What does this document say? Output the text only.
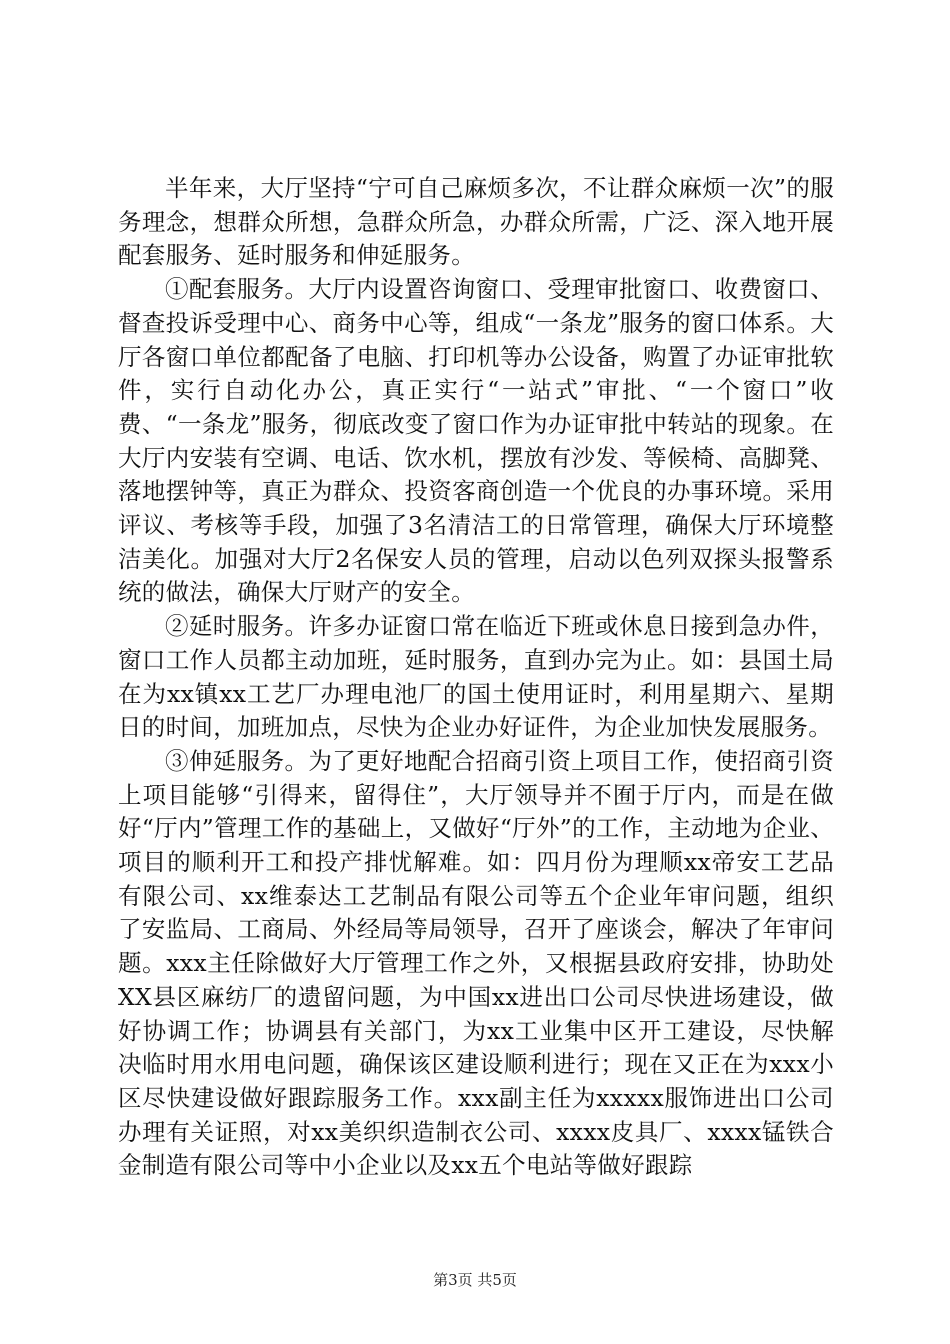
半年来，大厅坚持“宁可自己麻烦多次，不让群众麻烦一次”的服务理念，想群众所想，急群众所急，办群众所需，广泛、深入地开展配套服务、延时服务和伸延服务。

①配套服务。大厅内设置咨询窗口、受理审批窗口、收费窗口、督查投诉受理中心、商务中心等，组成“一条龙”服务的窗口体系。大厅各窗口单位都配备了电脑、打印机等办公设备，购置了办证审批软件，实行自动化办公，真正实行“一站式”审批、“一个窗口”收费、“一条龙”服务，彻底改变了窗口作为办证审批中转站的现象。在大厅内安装有空调、电话、饮水机，摆放有沙发、等候椅、高脚凳、落地摆钟等，真正为群众、投资客商创造一个优良的办事环境。采用评议、考核等手段，加强了3名清洁工的日常管理，确保大厅环境整洁美化。加强对大厅2名保安人员的管理，启动以色列双探头报警系统的做法，确保大厅财产的安全。

②延时服务。许多办证窗口常在临近下班或休息日接到急办件，窗口工作人员都主动加班，延时服务，直到办完为止。如：县国土局在为xx镇xx工艺厂办理电池厂的国土使用证时，利用星期六、星期日的时间，加班加点，尽快为企业办好证件，为企业加快发展服务。

③伸延服务。为了更好地配合招商引资上项目工作，使招商引资上项目能够“引得来，留得住”，大厅领导并不囿于厅内，而是在做好“厅内”管理工作的基础上，又做好“厅外”的工作，主动地为企业、项目的顺利开工和投产排忧解难。如：四月份为理顺xx帝安工艺品有限公司、xx维泰达工艺制品有限公司等五个企业年审问题，组织了安监局、工商局、外经局等局领导，召开了座谈会，解决了年审问题。xxx主任除做好大厅管理工作之外，又根据县政府安排，协助处XX县区麻纺厂的遗留问题，为中国xx进出口公司尽快进场建设，做好协调工作；协调县有关部门，为xx工业集中区开工建设，尽快解决临时用水用电问题，确保该区建设顺利进行；现在又正在为xxx小区尽快建设做好跟踪服务工作。xxx副主任为xxxxx服饰进出口公司办理有关证照，对xx美织织造制衣公司、xxxx皮具厂、xxxx锰铁合金制造有限公司等中小企业以及xx五个电站等做好跟踪

第3页 共5页
